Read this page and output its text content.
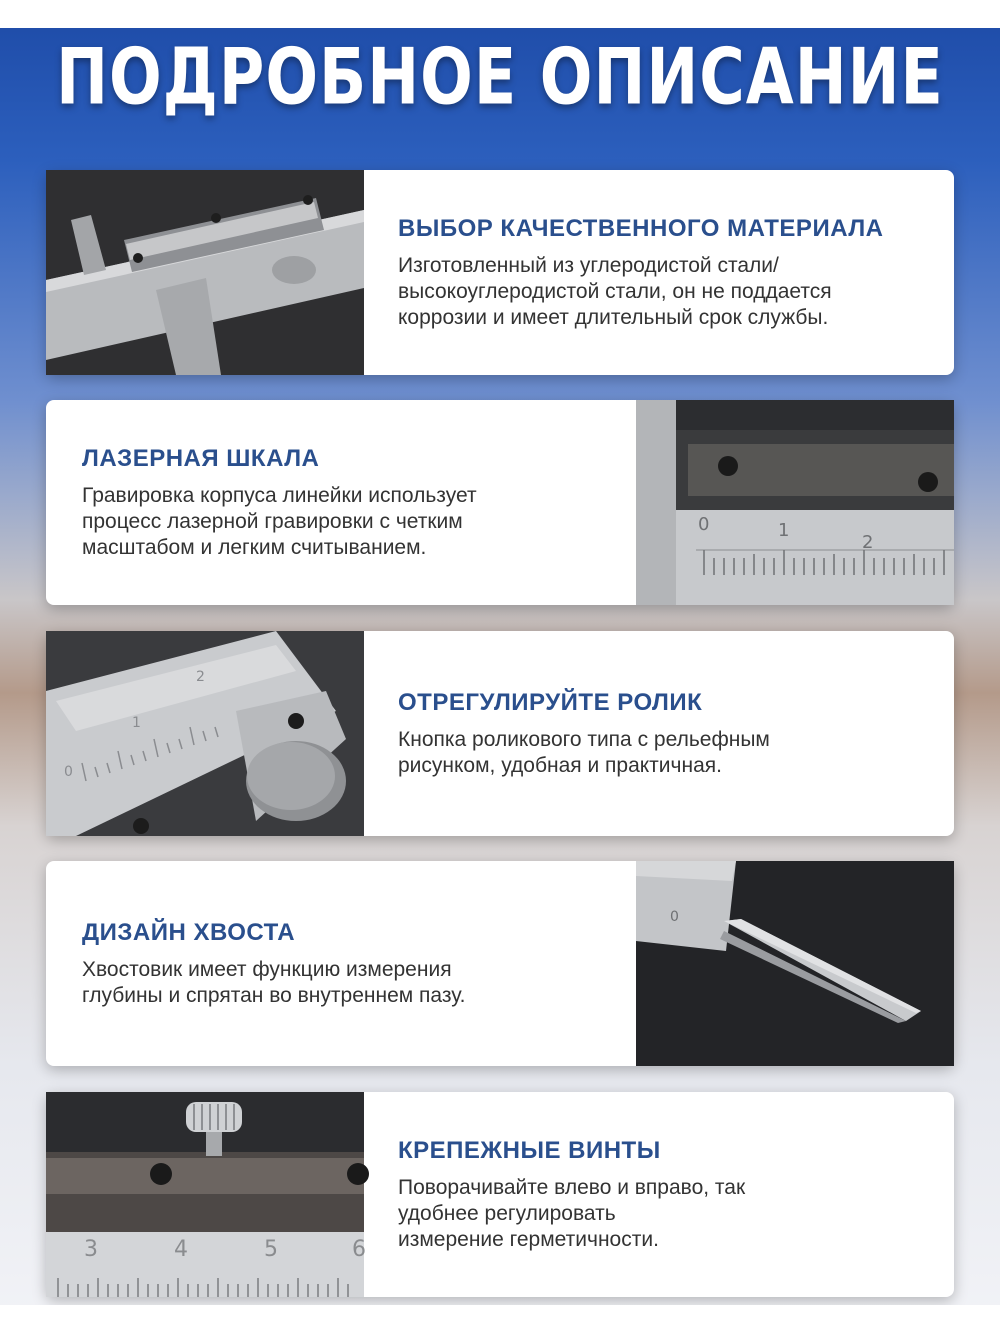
ПОДРОБНОЕ ОПИСАНИЕ
ВЫБОР КАЧЕСТВЕННОГО МАТЕРИАЛА
Изготовленный из углеродистой стали/
высокоуглеродистой стали, он не поддается
коррозии и имеет длительный срок службы.
ЛАЗЕРНАЯ ШКАЛА
Гравировка корпуса линейки использует
процесс лазерной гравировки с четким
масштабом и легким считыванием.
0	1
2
0
1
2
ОТРЕГУЛИРУЙТЕ РОЛИК
Кнопка роликового типа с рельефным
рисунком, удобная и практичная.
ДИЗАЙН ХВОСТА
Хвостовик имеет функцию измерения
глубины и спрятан во внутреннем пазу.
0
3	4	5	6
КРЕПЕЖНЫЕ ВИНТЫ
Поворачивайте влево и вправо, так
удобнее регулировать
измерение герметичности.
